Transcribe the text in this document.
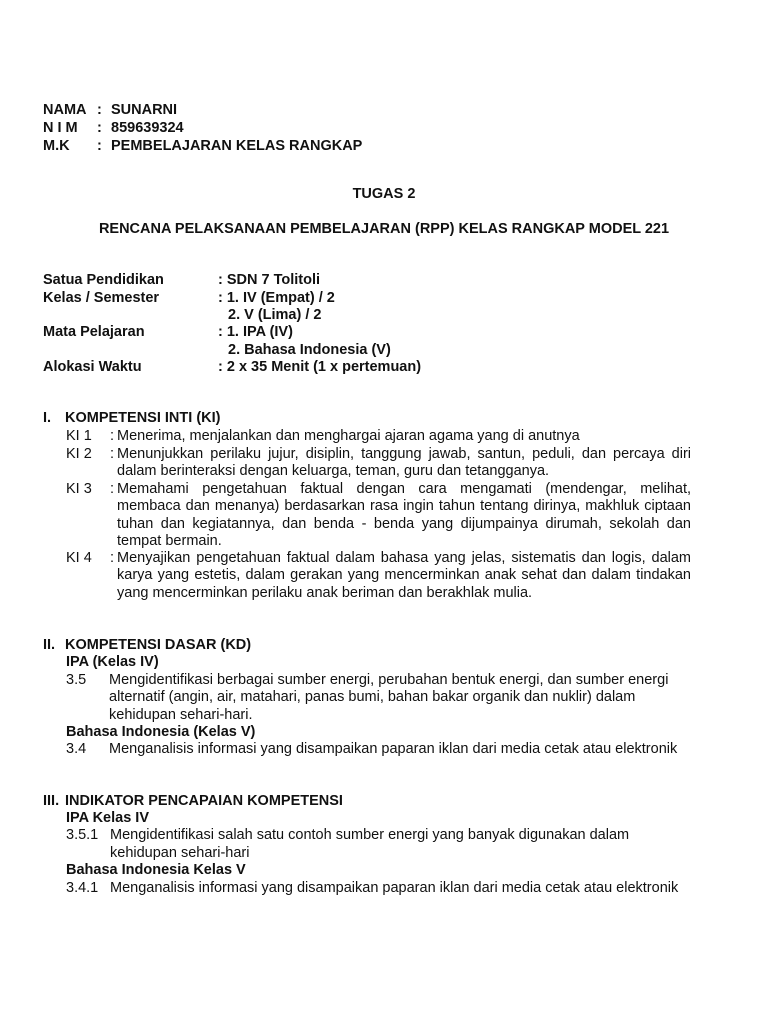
NAMA : SUNARNI
N I M : 859639324
M.K : PEMBELAJARAN KELAS RANGKAP
TUGAS 2
RENCANA PELAKSANAAN PEMBELAJARAN (RPP) KELAS RANGKAP MODEL 221
Satua Pendidikan	: SDN 7 Tolitoli
Kelas / Semester	: 1. IV (Empat) / 2
2. V (Lima) / 2
Mata Pelajaran	: 1. IPA (IV)
2. Bahasa Indonesia (V)
Alokasi Waktu	: 2 x 35 Menit (1 x pertemuan)
I. KOMPETENSI INTI (KI)
KI 1 : Menerima, menjalankan dan menghargai ajaran agama yang di anutnya
KI 2 : Menunjukkan perilaku jujur, disiplin, tanggung jawab, santun, peduli, dan percaya diri dalam berinteraksi dengan keluarga, teman, guru dan tetangganya.
KI 3 : Memahami pengetahuan faktual dengan cara mengamati (mendengar, melihat, membaca dan menanya) berdasarkan rasa ingin tahun tentang dirinya, makhluk ciptaan tuhan dan kegiatannya, dan benda - benda yang dijumpainya dirumah, sekolah dan tempat bermain.
KI 4 : Menyajikan pengetahuan faktual dalam bahasa yang jelas, sistematis dan logis, dalam karya yang estetis, dalam gerakan yang mencerminkan anak sehat dan dalam tindakan yang mencerminkan perilaku anak beriman dan berakhlak mulia.
II. KOMPETENSI DASAR (KD)
IPA (Kelas IV)
3.5 Mengidentifikasi berbagai sumber energi, perubahan bentuk energi, dan sumber energi
alternatif (angin, air, matahari, panas bumi, bahan bakar organik dan nuklir) dalam
kehidupan sehari-hari.
Bahasa Indonesia (Kelas V)
3.4 Menganalisis informasi yang disampaikan paparan iklan dari media cetak atau elektronik
III. INDIKATOR PENCAPAIAN KOMPETENSI
IPA Kelas IV
3.5.1 Mengidentifikasi salah satu contoh sumber energi yang banyak digunakan dalam
kehidupan sehari-hari
Bahasa Indonesia Kelas V
3.4.1 Menganalisis informasi yang disampaikan paparan iklan dari media cetak atau elektronik
